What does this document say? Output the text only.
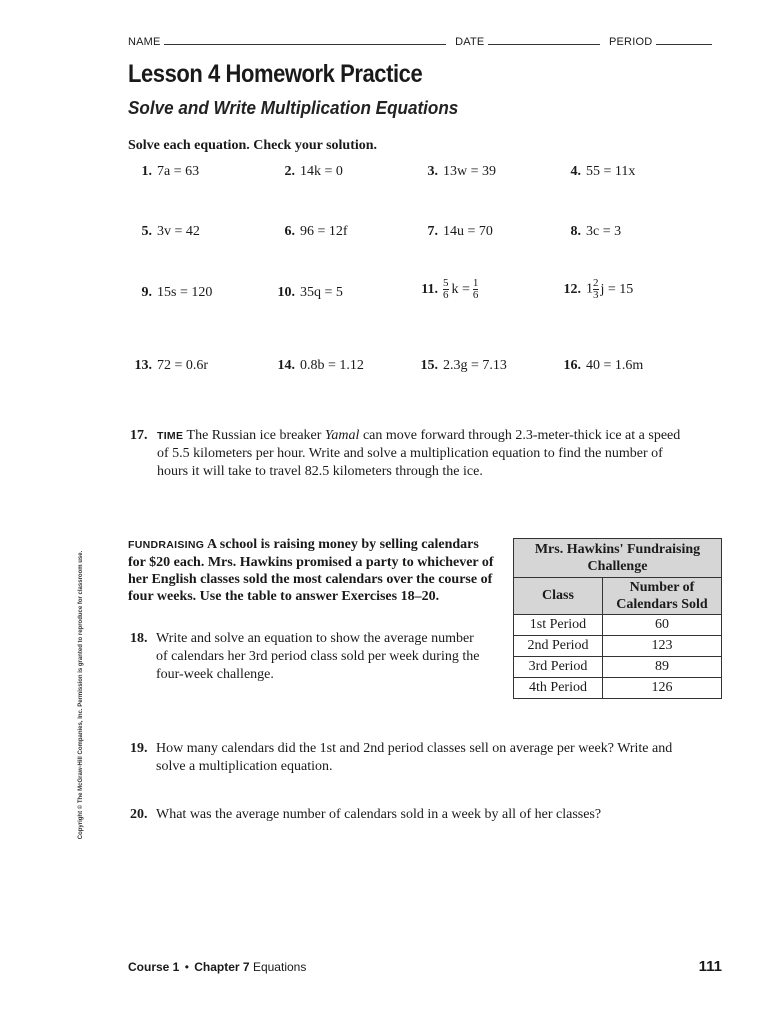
NAME	DATE	PERIOD
Lesson 4 Homework Practice
Solve and Write Multiplication Equations
Solve each equation. Check your solution.
1. 7a = 63	2. 14k = 0	3. 13w = 39	4. 55 = 11x
5. 3v = 42	6. 96 = 12f	7. 14u = 70	8. 3c = 3
9. 15s = 120	10. 35q = 5	11. $\frac{5}{6}$ $k = \frac{1}{6}$	12. $1 \frac{2}{3}$ j = 15
13. 72 = 0.6r	14. 0.8b = 1.12	15. 2.3g = 7.13	16. 40 = 1.6m
17. TIME The Russian ice breaker Yamal can move forward through 2.3-meter-thick ice at a speed of 5.5 kilometers per hour. Write and solve a multiplication equation to find the number of hours it will take to travel 82.5 kilometers through the ice.
FUNDRAISING A school is raising money by selling calendars for $20 each. Mrs. Hawkins promised a party to whichever of her English classes sold the most calendars over the course of four weeks. Use the table to answer Exercises 18–20.
Mrs. Hawkins' Fundraising Challenge	
Class	Number of Calendars Sold
1st Period	60
2nd Period	123
3rd Period	89
4th Period	126
18. Write and solve an equation to show the average number of calendars her 3rd period class sold per week during the four-week challenge.
19. How many calendars did the 1st and 2nd period classes sell on average per week? Write and solve a multiplication equation.
20. What was the average number of calendars sold in a week by all of her classes?
Copyright © The McGraw-Hill Companies, Inc. Permission is granted to reproduce for classroom use.
Course 1 • Chapter 7 Equations	111
